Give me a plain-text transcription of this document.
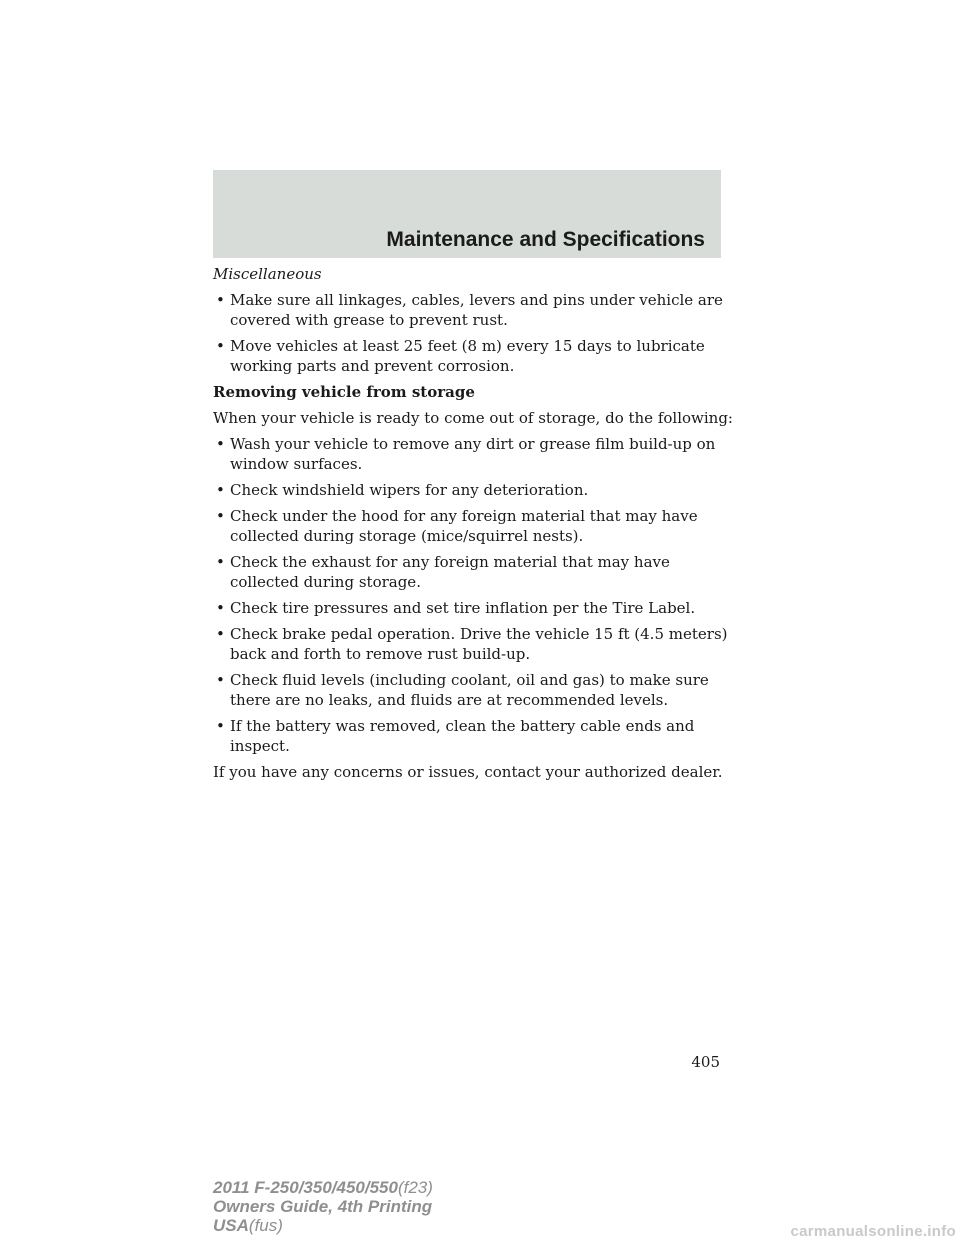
Maintenance and Specifications

Miscellaneous

• Make sure all linkages, cables, levers and pins under vehicle are covered with grease to prevent rust.
• Move vehicles at least 25 feet (8 m) every 15 days to lubricate working parts and prevent corrosion.

Removing vehicle from storage

When your vehicle is ready to come out of storage, do the following:

• Wash your vehicle to remove any dirt or grease film build-up on window surfaces.
• Check windshield wipers for any deterioration.
• Check under the hood for any foreign material that may have collected during storage (mice/squirrel nests).
• Check the exhaust for any foreign material that may have collected during storage.
• Check tire pressures and set tire inflation per the Tire Label.
• Check brake pedal operation. Drive the vehicle 15 ft (4.5 meters) back and forth to remove rust build-up.
• Check fluid levels (including coolant, oil and gas) to make sure there are no leaks, and fluids are at recommended levels.
• If the battery was removed, clean the battery cable ends and inspect.

If you have any concerns or issues, contact your authorized dealer.

405
2011 F-250/350/450/550(f23)
Owners Guide, 4th Printing
USA(fus)	carmanualsonline.info
